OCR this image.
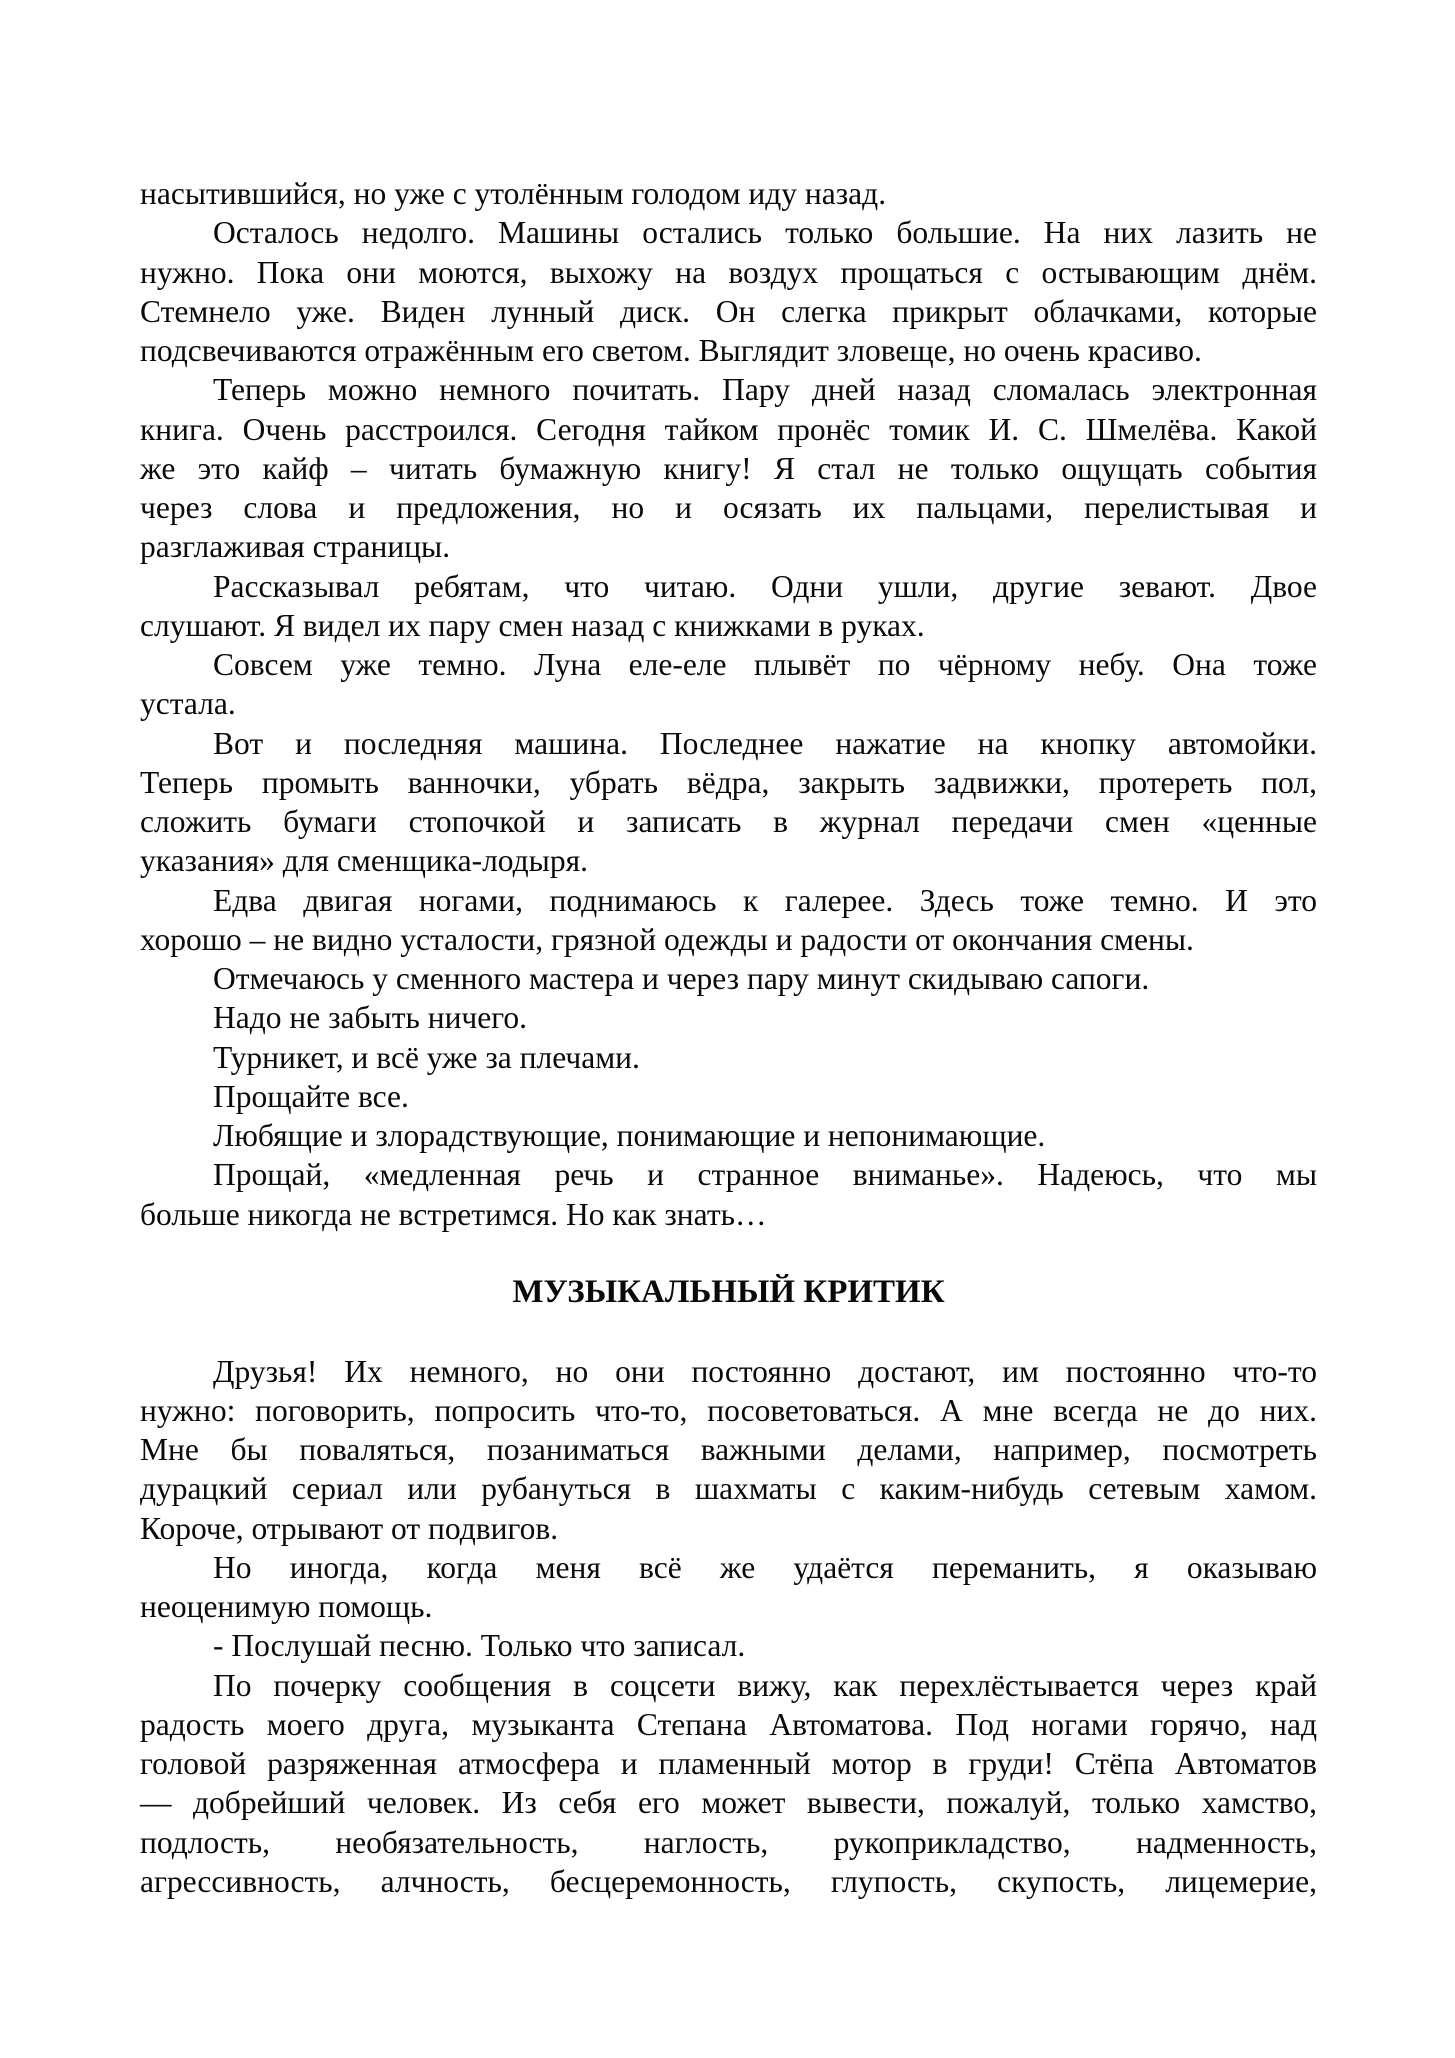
насытившийся, но уже с утолённым голодом иду назад.
Осталось недолго. Машины остались только большие. На них лазить не
нужно. Пока они моются, выхожу на воздух прощаться с остывающим днём.
Стемнело уже. Виден лунный диск. Он слегка прикрыт облачками, которые
подсвечиваются отражённым его светом. Выглядит зловеще, но очень красиво.
Теперь можно немного почитать. Пару дней назад сломалась электронная
книга. Очень расстроился. Сегодня тайком пронёс томик И. С. Шмелёва. Какой
же это кайф – читать бумажную книгу! Я стал не только ощущать события
через слова и предложения, но и осязать их пальцами, перелистывая и
разглаживая страницы.
Рассказывал ребятам, что читаю. Одни ушли, другие зевают. Двое
слушают. Я видел их пару смен назад с книжками в руках.
Совсем уже темно. Луна еле-еле плывёт по чёрному небу. Она тоже
устала.
Вот и последняя машина. Последнее нажатие на кнопку автомойки.
Теперь промыть ванночки, убрать вёдра, закрыть задвижки, протереть пол,
сложить бумаги стопочкой и записать в журнал передачи смен «ценные
указания» для сменщика-лодыря.
Едва двигая ногами, поднимаюсь к галерее. Здесь тоже темно. И это
хорошо – не видно усталости, грязной одежды и радости от окончания смены.
Отмечаюсь у сменного мастера и через пару минут скидываю сапоги.
Надо не забыть ничего.
Турникет, и всё уже за плечами.
Прощайте все.
Любящие и злорадствующие, понимающие и непонимающие.
Прощай, «медленная речь и странное вниманье». Надеюсь, что мы
больше никогда не встретимся. Но как знать…
МУЗЫКАЛЬНЫЙ КРИТИК
Друзья! Их немного, но они постоянно достают, им постоянно что-то
нужно: поговорить, попросить что-то, посоветоваться. А мне всегда не до них.
Мне бы поваляться, позаниматься важными делами, например, посмотреть
дурацкий сериал или рубануться в шахматы с каким-нибудь сетевым хамом.
Короче, отрывают от подвигов.
Но иногда, когда меня всё же удаётся переманить, я оказываю
неоценимую помощь.
- Послушай песню. Только что записал.
По почерку сообщения в соцсети вижу, как перехлёстывается через край
радость моего друга, музыканта Степана Автоматова. Под ногами горячо, над
головой разряженная атмосфера и пламенный мотор в груди! Стёпа Автоматов
— добрейший человек. Из себя его может вывести, пожалуй, только хамство,
подлость, необязательность, наглость, рукоприкладство, надменность,
агрессивность, алчность, бесцеремонность, глупость, скупость, лицемерие,
